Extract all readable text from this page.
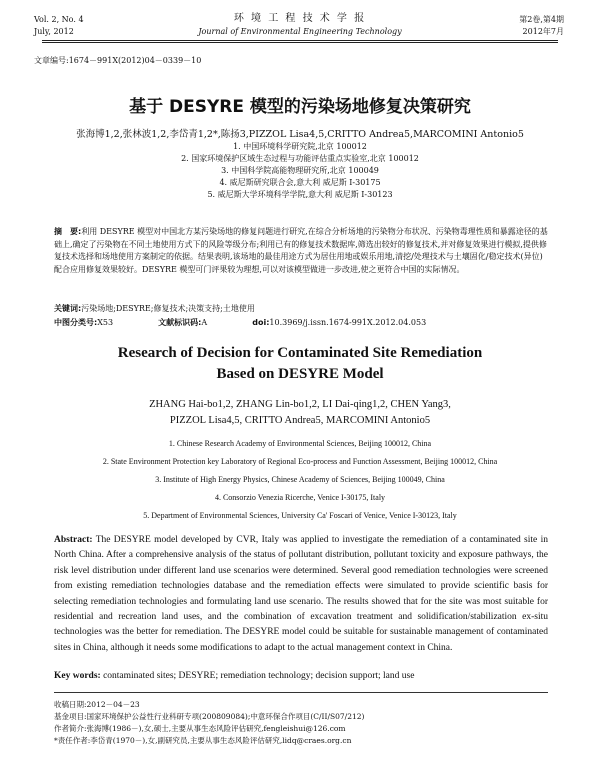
Vol. 2, No. 4
July, 2012
环 境 工 程 技 术 学 报
Journal of Environmental Engineering Technology
第2卷,第4期
2012年7月
文章编号:1674－991X(2012)04－0339－10
基于 DESYRE 模型的污染场地修复决策研究
张海博1,2,张林波1,2,李岱青1,2*,陈扬3,PIZZOL Lisa4,5,CRITTO Andrea5,MARCOMINI Antonio5
1. 中国环境科学研究院,北京 100012
2. 国家环境保护区域生态过程与功能评估重点实验室,北京 100012
3. 中国科学院高能物理研究所,北京 100049
4. 威尼斯研究联合会,意大利 威尼斯 I-30175
5. 威尼斯大学环境科学学院,意大利 威尼斯 I-30123
摘　要:利用 DESYRE 模型对中国北方某污染场地的修复问题进行研究,在综合分析场地的污染物分布状况、污染物毒理性质和暴露途径的基础上,确定了污染物在不同土地使用方式下的风险等级分布;利用已有的修复技术数据库,筛选出较好的修复技术,并对修复效果进行模拟,提供修复技术选择和场地使用方案制定的依据。结果表明,该场地的最佳用途方式为居住用地或娱乐用地,清挖/处理技术与土壤固化/稳定技术(异位)配合应用修复效果较好。DESYRE 模型可门评果较为理想,可以对该模型做进一步改进,使之更符合中国的实际情况。
关键词:污染场地;DESYRE;修复技术;决策支持;土地使用
中图分类号:X53	文献标识码:A	doi:10.3969/j.issn.1674-991X.2012.04.053
Research of Decision for Contaminated Site Remediation
Based on DESYRE Model
ZHANG Hai-bo1,2, ZHANG Lin-bo1,2, LI Dai-qing1,2, CHEN Yang3,
PIZZOL Lisa4,5, CRITTO Andrea5, MARCOMINI Antonio5
1. Chinese Research Academy of Environmental Sciences, Beijing 100012, China
2. State Environment Protection key Laboratory of Regional Eco-process and Function Assessment, Beijing 100012, China
3. Institute of High Energy Physics, Chinese Academy of Sciences, Beijing 100049, China
4. Consorzio Venezia Ricerche, Venice I-30175, Italy
5. Department of Environmental Sciences, University Ca' Foscari of Venice, Venice I-30123, Italy
Abstract: The DESYRE model developed by CVR, Italy was applied to investigate the remediation of a contaminated site in North China. After a comprehensive analysis of the status of pollutant distribution, pollutant toxicity and exposure pathways, the risk level distribution under different land use scenarios were determined. Several good remediation technologies were screened from existing remediation technologies database and the remediation effects were simulated to provide scientific basis for selecting remediation technologies and formulating land use scenario. The results showed that for the site was most suitable for residential and recreation land uses, and the combination of excavation treatment and solidification/stabilization ex-situ technologies was the better for remediation. The DESYRE model could be suitable for sustainable management of contaminated sites in China, although it needs some modifications to adapt to the actual management context in China.
Key words: contaminated sites; DESYRE; remediation technology; decision support; land use
收稿日期:2012－04－23
基金项目:国家环境保护公益性行业科研专项(200809084);中意环保合作项目(C/II/S07/212)
作者简介:张海博(1986－),女,硕士,主要从事生态风险评估研究,fengleishui@126.com
*责任作者:李岱青(1970－),女,副研究员,主要从事生态风险评估研究,lidq@craes.org.cn
